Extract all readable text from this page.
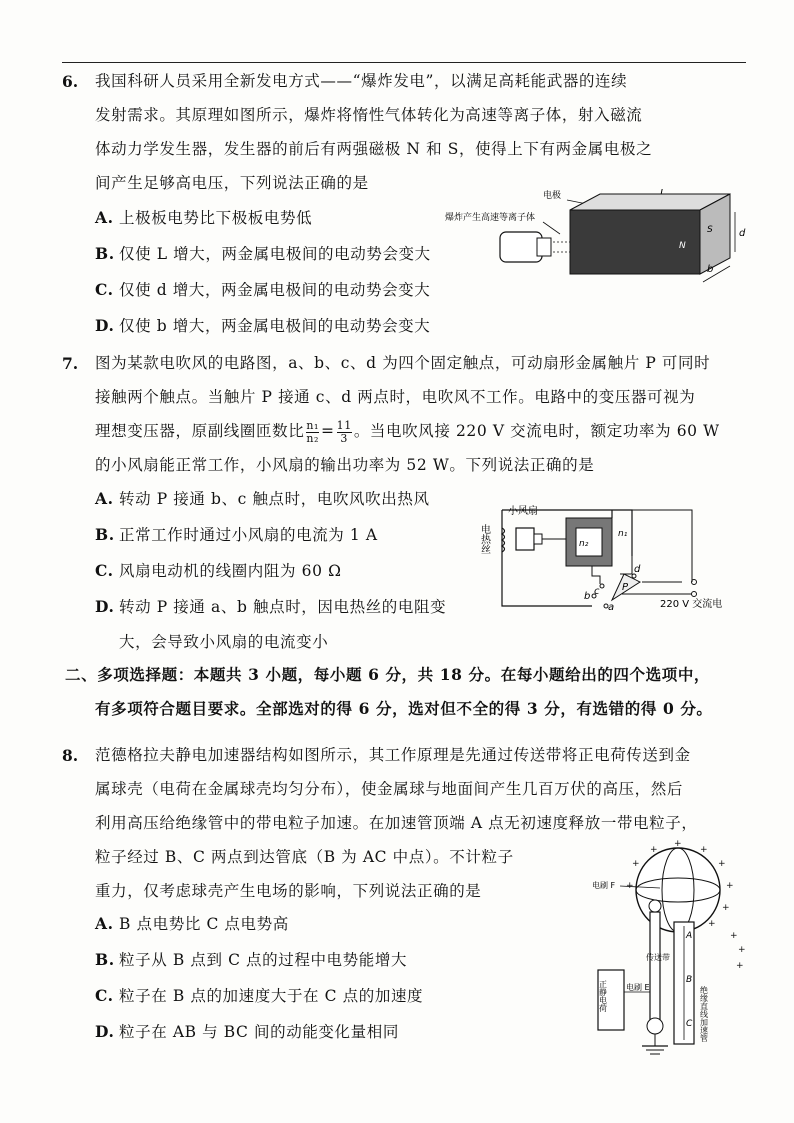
6. 我国科研人员采用全新发电方式——“爆炸发电”，以满足高耗能武器的连续

发射需求。其原理如图所示，爆炸将惰性气体转化为高速等离子体，射入磁流

体动力学发生器，发生器的前后有两强磁极 N 和 S，使得上下有两金属电极之

间产生足够高电压，下列说法正确的是

A. 上极板电势比下极板电势低
B. 仅使 L 增大，两金属电极间的电动势会变大
C. 仅使 d 增大，两金属电极间的电动势会变大
D. 仅使 b 增大，两金属电极间的电动势会变大
电极
爆炸产生高速等离子体
S
N
d
b
7. 图为某款电吹风的电路图，a、b、c、d 为四个固定触点，可动扇形金属触片 P 可同时

接触两个触点。当触片 P 接通 c、d 两点时，电吹风不工作。电路中的变压器可视为

理想变压器，原副线圈匝数比 $\frac{\text{n₁}}{\text{n₂}} = \frac{11}{3}$ 。当电吹风接 220 V 交流电时，额定功率为 60 W

的小风扇能正常工作，小风扇的输出功率为 52 W。下列说法正确的是

A. 转动 P 接通 b、c 触点时，电吹风吹出热风
B. 正常工作时通过小风扇的电流为 1 A
C. 风扇电动机的线圈内阻为 60 Ω
D. 转动 P 接通 a、b 触点时，因电热丝的电阻变
大，会导致小风扇的电流变小
电热丝
小风扇
n₂
n₁
P
d
c
b
a	220 V 交流电

二、多项选择题：本题共 3 小题，每小题 6 分，共 18 分。在每小题给出的四个选项中，

有多项符合题目要求。全部选对的得 6 分，选对但不全的得 3 分，有选错的得 0 分。

8. 范德格拉夫静电加速器结构如图所示，其工作原理是先通过传送带将正电荷传送到金

属球壳（电荷在金属球壳均匀分布），使金属球与地面间产生几百万伏的高压，然后

利用高压给绝缘管中的带电粒子加速。在加速管顶端 A 点无初速度释放一带电粒子，

粒子经过 B、C 两点到达管底（B 为 AC 中点）。不计粒子

重力，仅考虑球壳产生电场的影响，下列说法正确的是

A. B 点电势比 C 点电势高
B. 粒子从 B 点到 C 点的过程中电势能增大
C. 粒子在 B 点的加速度大于在 C 点的加速度
D. 粒子在 AB 与 BC 间的动能变化量相同
+
+
+
+
+
+
+
+
+
+
+
+
电刷 F
传送带
A
B
C
正静电荷 电刷 E	绝缘直线加速管
